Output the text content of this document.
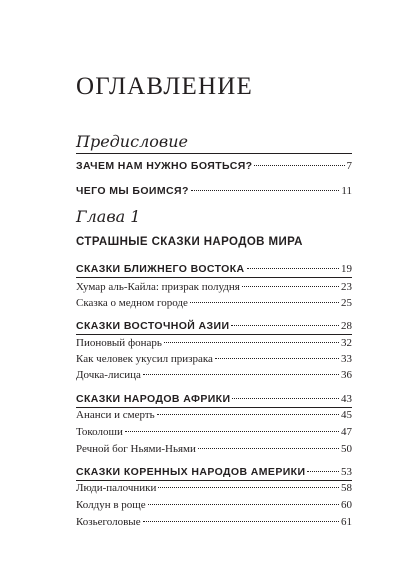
ОГЛАВЛЕНИЕ
Предисловие
ЗАЧЕМ НАМ НУЖНО БОЯТЬСЯ?	7
ЧЕГО МЫ БОИМСЯ?	11
Глава 1
СТРАШНЫЕ СКАЗКИ НАРОДОВ МИРА
СКАЗКИ БЛИЖНЕГО ВОСТОКА	19
Хумар аль-Кайла: призрак полудня	23
Сказка о медном городе	25
СКАЗКИ ВОСТОЧНОЙ АЗИИ	28
Пионовый фонарь	32
Как человек укусил призрака	33
Дочка-лисица	36
СКАЗКИ НАРОДОВ АФРИКИ	43
Ананси и смерть	45
Токолоши	47
Речной бог Ньями-Ньями	50
СКАЗКИ КОРЕННЫХ НАРОДОВ АМЕРИКИ	53
Люди-палочники	58
Колдун в роще	60
Козьеголовые	61
